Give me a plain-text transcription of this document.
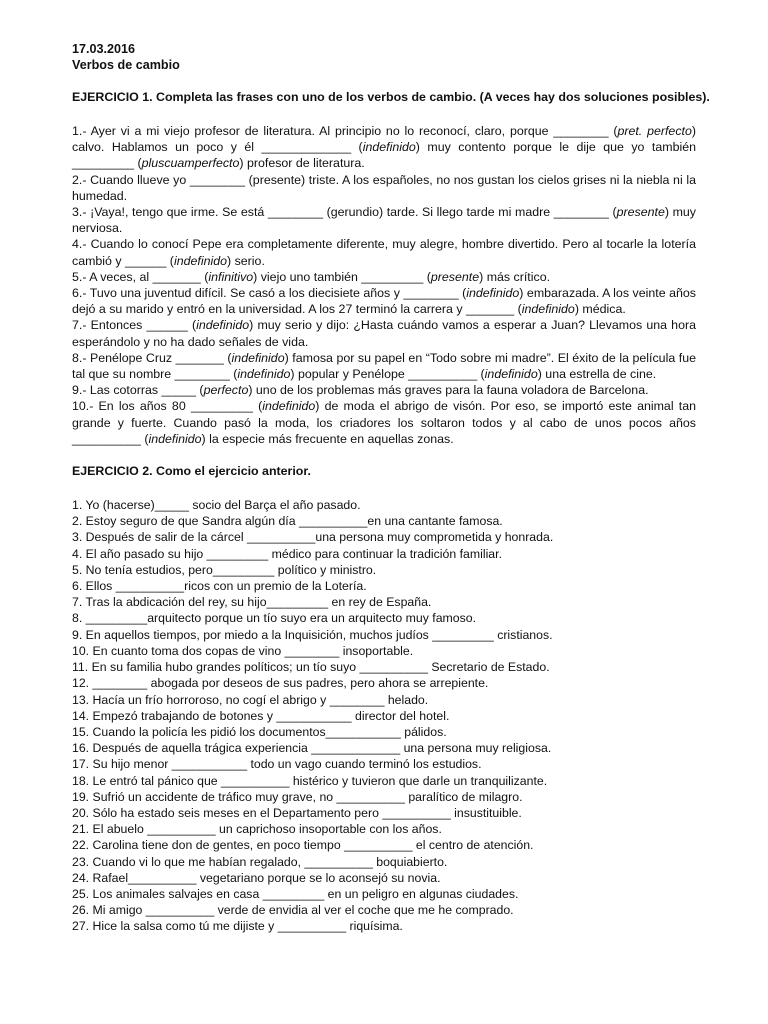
17.03.2016

Verbos de cambio

EJERCICIO 1. Completa las frases con uno de los verbos de cambio. (A veces hay dos soluciones posibles).

1.- Ayer vi a mi viejo profesor de literatura. Al principio no lo reconocí, claro, porque ________ (pret. perfecto) calvo. Hablamos un poco y él _____________ (indefinido) muy contento porque le dije que yo también _________ (pluscuamperfecto) profesor de literatura.

2.- Cuando llueve yo ________ (presente) triste. A los españoles, no nos gustan los cielos grises ni la niebla ni la humedad.

3.- ¡Vaya!, tengo que irme. Se está ________ (gerundio) tarde. Si llego tarde mi madre ________ (presente) muy nerviosa.

4.- Cuando lo conocí Pepe era completamente diferente, muy alegre, hombre divertido. Pero al tocarle la lotería cambió y ______ (indefinido) serio.

5.- A veces, al _______ (infinitivo) viejo uno también _________ (presente) más crítico.

6.- Tuvo una juventud difícil. Se casó a los diecisiete años y ________ (indefinido) embarazada. A los veinte años dejó a su marido y entró en la universidad. A los 27 terminó la carrera y _______ (indefinido) médica.

7.- Entonces ______ (indefinido) muy serio y dijo: ¿Hasta cuándo vamos a esperar a Juan? Llevamos una hora esperándolo y no ha dado señales de vida.

8.- Penélope Cruz _______ (indefinido) famosa por su papel en “Todo sobre mi madre”. El éxito de la película fue tal que su nombre ________ (indefinido) popular y Penélope __________ (indefinido) una estrella de cine.

9.- Las cotorras _____ (perfecto) uno de los problemas más graves para la fauna voladora de Barcelona.

10.- En los años 80 _________ (indefinido) de moda el abrigo de visón. Por eso, se importó este animal tan grande y fuerte. Cuando pasó la moda, los criadores los soltaron todos y al cabo de unos pocos años __________ (indefinido) la especie más frecuente en aquellas zonas.

EJERCICIO 2. Como el ejercicio anterior.

1. Yo (hacerse)_____ socio del Barça el año pasado.

2. Estoy seguro de que Sandra algún día __________en una cantante famosa.

3. Después de salir de la cárcel __________una persona muy comprometida y honrada.

4. El año pasado su hijo _________ médico para continuar la tradición familiar.

5. No tenía estudios, pero_________ político y ministro.

6. Ellos __________ricos con un premio de la Lotería.

7. Tras la abdicación del rey, su hijo_________ en rey de España.

8. _________arquitecto porque un tío suyo era un arquitecto muy famoso.

9. En aquellos tiempos, por miedo a la Inquisición, muchos judíos _________ cristianos.

10. En cuanto toma dos copas de vino ________ insoportable.

11. En su familia hubo grandes políticos; un tío suyo __________ Secretario de Estado.

12. ________ abogada por deseos de sus padres, pero ahora se arrepiente.

13. Hacía un frío horroroso, no cogí el abrigo y ________ helado.

14. Empezó trabajando de botones y ___________ director del hotel.

15. Cuando la policía les pidió los documentos___________ pálidos.

16. Después de aquella trágica experiencia _____________ una persona muy religiosa.

17. Su hijo menor ___________ todo un vago cuando terminó los estudios.

18. Le entró tal pánico que __________ histérico y tuvieron que darle un tranquilizante.

19. Sufrió un accidente de tráfico muy grave, no __________ paralítico de milagro.

20. Sólo ha estado seis meses en el Departamento pero __________ insustituible.

21. El abuelo __________ un caprichoso insoportable con los años.

22. Carolina tiene don de gentes, en poco tiempo __________ el centro de atención.

23. Cuando vi lo que me habían regalado, __________ boquiabierto.

24. Rafael__________ vegetariano porque se lo aconsejó su novia.

25. Los animales salvajes en casa _________ en un peligro en algunas ciudades.

26. Mi amigo __________ verde de envidia al ver el coche que me he comprado.

27. Hice la salsa como tú me dijiste y __________ riquísima.
